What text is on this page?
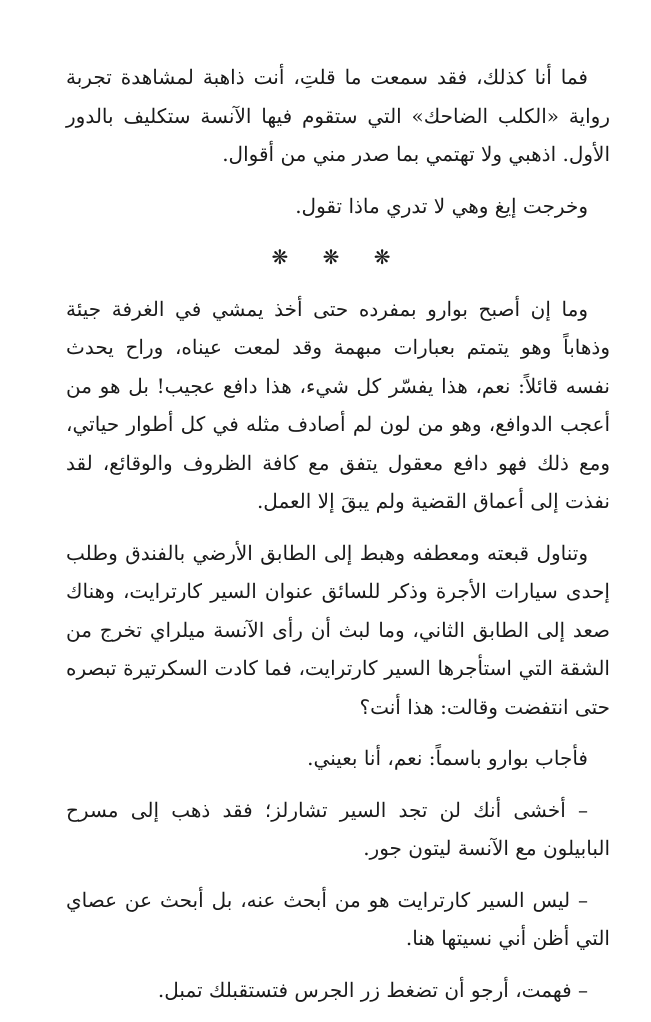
فما أنا كذلك، فقد سمعت ما قلتِ، أنت ذاهبة لمشاهدة تجربة رواية «الكلب الضاحك» التي ستقوم فيها الآنسة ستكليف بالدور الأول. اذهبي ولا تهتمي بما صدر مني من أقوال.

وخرجت إيغ وهي لا تدري ماذا تقول.

❋ ❋ ❋

وما إن أصبح بوارو بمفرده حتى أخذ يمشي في الغرفة جيئة وذهاباً وهو يتمتم بعبارات مبهمة وقد لمعت عيناه، وراح يحدث نفسه قائلاً: نعم، هذا يفسّر كل شيء، هذا دافع عجيب! بل هو من أعجب الدوافع، وهو من لون لم أصادف مثله في كل أطوار حياتي، ومع ذلك فهو دافع معقول يتفق مع كافة الظروف والوقائع، لقد نفذت إلى أعماق القضية ولم يبقَ إلا العمل.

وتناول قبعته ومعطفه وهبط إلى الطابق الأرضي بالفندق وطلب إحدى سيارات الأجرة وذكر للسائق عنوان السير كارترايت، وهناك صعد إلى الطابق الثاني، وما لبث أن رأى الآنسة ميلراي تخرج من الشقة التي استأجرها السير كارترايت، فما كادت السكرتيرة تبصره حتى انتفضت وقالت: هذا أنت؟

فأجاب بوارو باسماً: نعم، أنا بعيني.

– أخشى أنك لن تجد السير تشارلز؛ فقد ذهب إلى مسرح البابيلون مع الآنسة ليتون جور.

– ليس السير كارترايت هو من أبحث عنه، بل أبحث عن عصاي التي أظن أني نسيتها هنا.

– فهمت، أرجو أن تضغط زر الجرس فتستقبلك تمبل.
